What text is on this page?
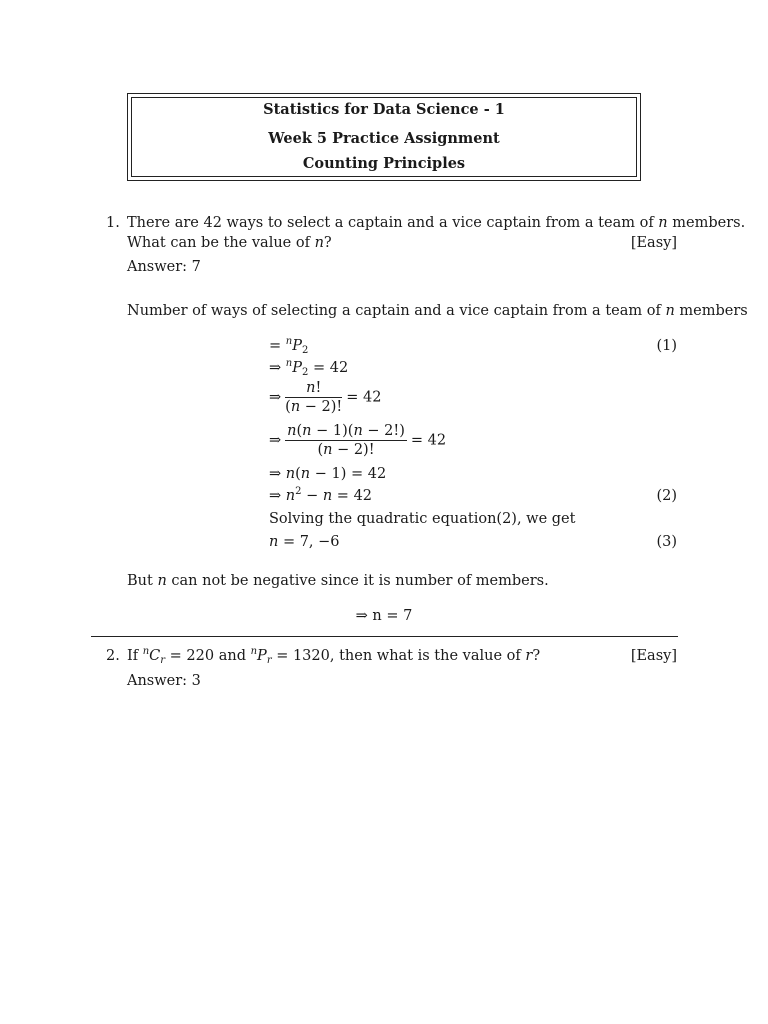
Statistics for Data Science - 1
Week 5 Practice Assignment
Counting Principles
1. There are 42 ways to select a captain and a vice captain from a team of n members.
What can be the value of n?	[Easy]
Answer: 7
Number of ways of selecting a captain and a vice captain from a team of n members
= $^nP_2$	(1)
⇒ $^nP_2 = 42$
⇒ $\frac{n!}{(n - 2)!} = 42$
⇒ $\frac{n(n - 1)(n - 2!)}{(n - 2)!} = 42$
⇒ n(n − 1) = 42
⇒ $n^2 - n = 42$	(2)
Solving the quadratic equation(2), we get
n = 7, −6	(3)
But n can not be negative since it is number of members.
⇒ n = 7
2. If $^nC_r = 220$ and $^nP_r = 1320$, then what is the value of r?	[Easy]
Answer: 3
